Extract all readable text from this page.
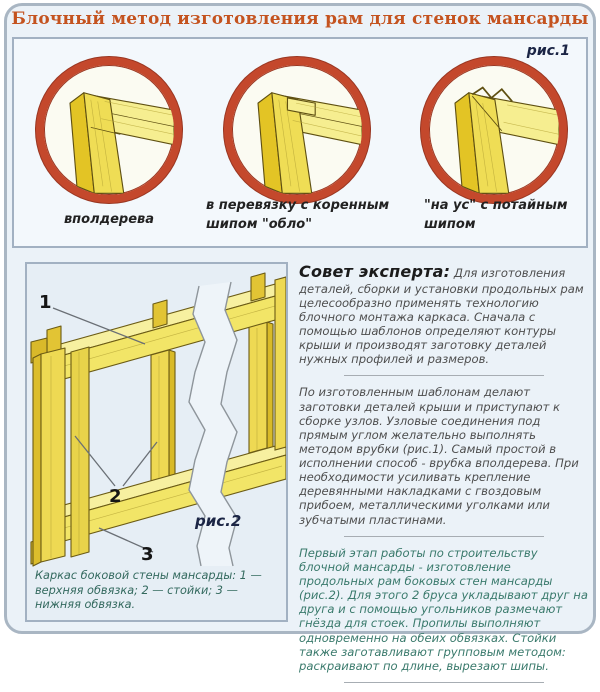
Блочный метод изготовления рам для стенок мансарды
рис.1
вполдерева
в перевязку с коренным шипом "обло"
"на ус" с потайным шипом
1
2
3
рис.2
Каркас боковой стены мансарды: 1 — верхняя обвязка; 2 — стойки; 3 — нижняя обвязка.

Совет эксперта: Для изготовления деталей, сборки и установки продольных рам целесообразно применять технологию блочного монтажа каркаса. Сначала с помощью шаблонов определяют контуры крыши и производят заготовку деталей нужных профилей и размеров.

По изготовленным шаблонам делают заготовки деталей крыши и приступают к сборке узлов. Узловые соединения под прямым углом желательно выполнять методом врубки (рис.1). Самый простой в исполнении способ - врубка вполдерева. При необходимости усиливать крепление деревянными накладками с гвоздовым прибоем, металлическими уголками или зубчатыми пластинами.

Первый этап работы по строительству блочной мансарды - изготовление продольных рам боковых стен мансарды (рис.2). Для этого 2 бруса укладывают друг на друга и с помощью угольников размечают гнёзда для стоек. Пропилы выполняют одновременно на обеих обвязках. Стойки также заготавливают групповым методом: раскраивают по длине, вырезают шипы.
